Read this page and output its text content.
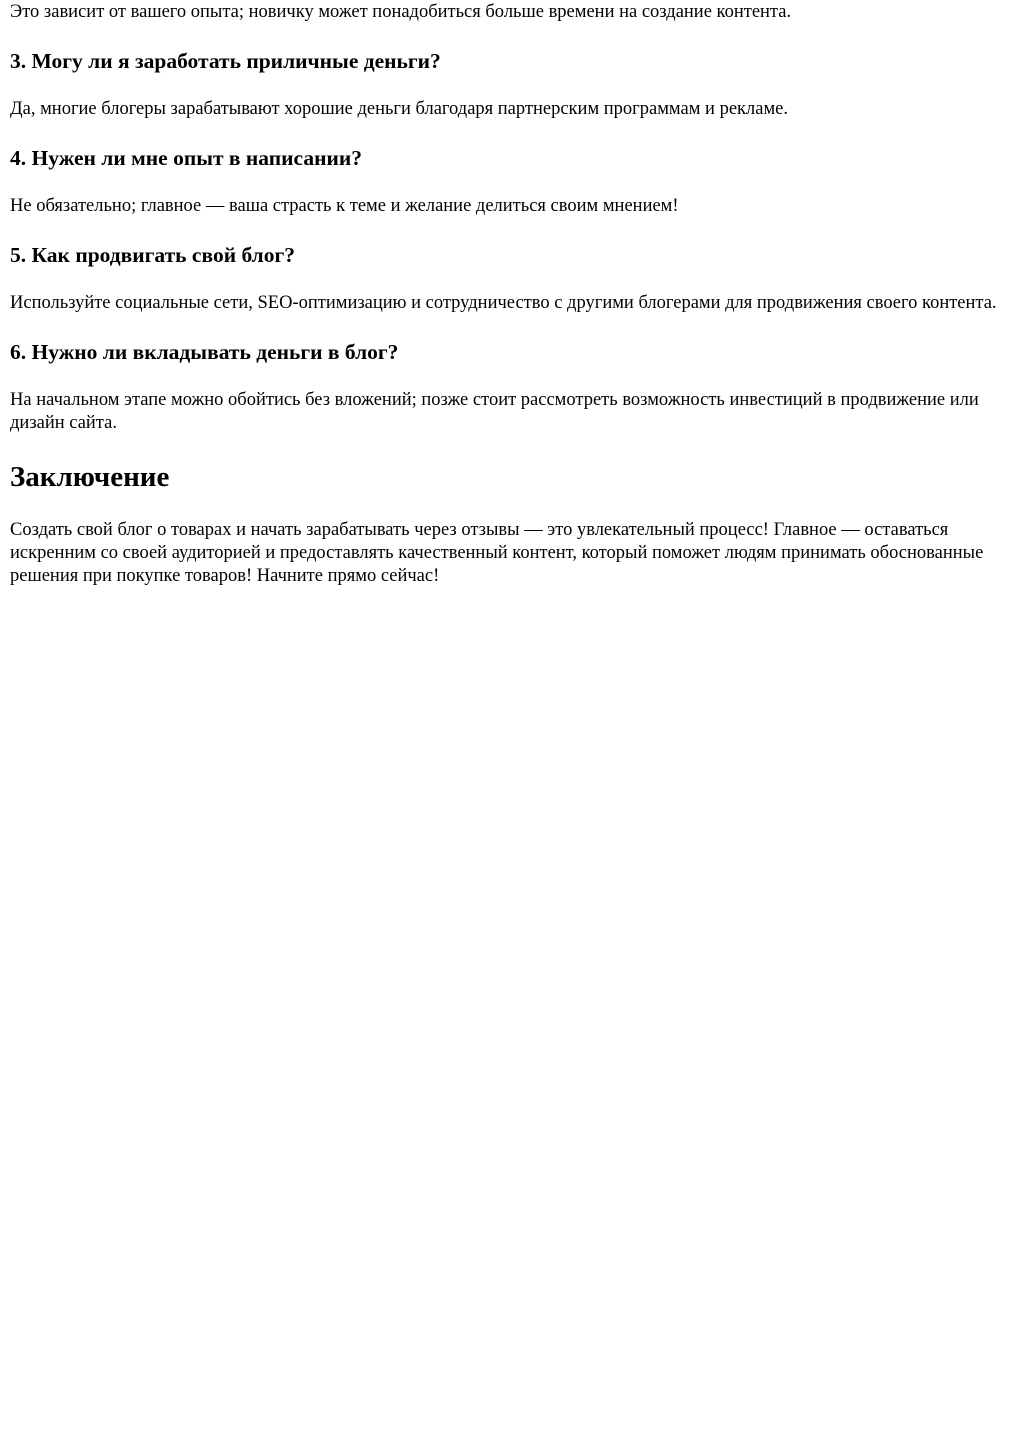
Это зависит от вашего опыта; новичку может понадобиться больше времени на создание контента.

3. Могу ли я заработать приличные деньги?

Да, многие блогеры зарабатывают хорошие деньги благодаря партнерским программам и рекламе.

4. Нужен ли мне опыт в написании?

Не обязательно; главное — ваша страсть к теме и желание делиться своим мнением!

5. Как продвигать свой блог?

Используйте социальные сети, SEO-оптимизацию и сотрудничество с другими блогерами для продвижения своего контента.

6. Нужно ли вкладывать деньги в блог?

На начальном этапе можно обойтись без вложений; позже стоит рассмотреть возможность инвестиций в продвижение или дизайн сайта.

Заключение

Создать свой блог о товарах и начать зарабатывать через отзывы — это увлекательный процесс! Главное — оставаться искренним со своей аудиторией и предоставлять качественный контент, который поможет людям принимать обоснованные решения при покупке товаров! Начните прямо сейчас!
